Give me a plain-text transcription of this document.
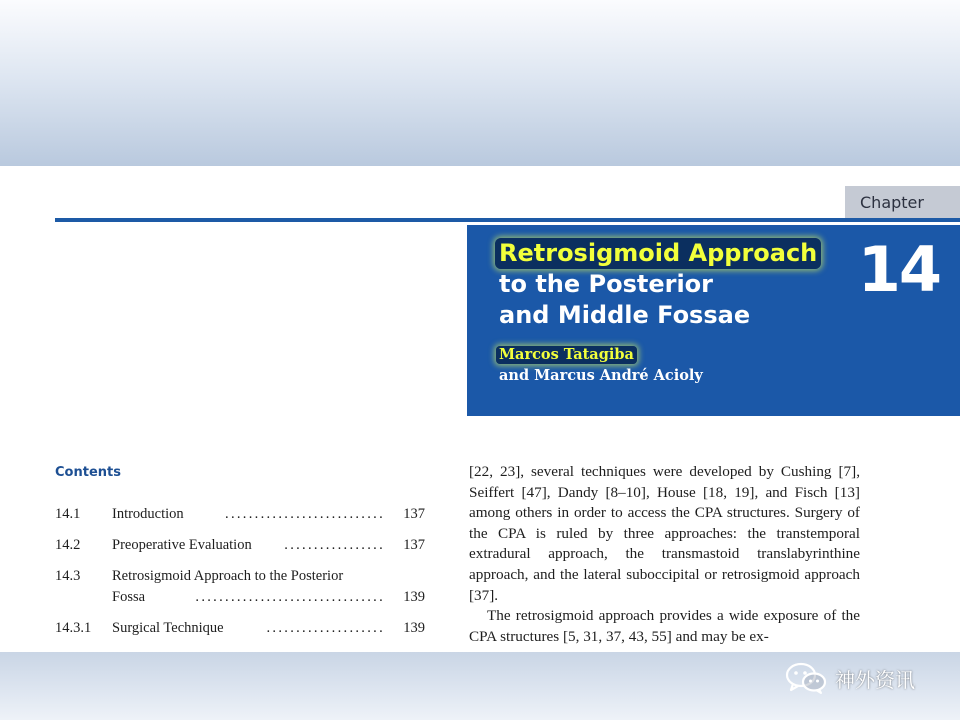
Chapter
Retrosigmoid Approach
to the Posterior
and Middle Fossae
14
Marcos Tatagiba
and Marcus André Acioly
Contents
14.1 Introduction	........................... 137
14.2 Preoperative Evaluation ................. 137
14.3 Retrosigmoid Approach to the Posterior
Fossa	................................ 139
14.3.1 Surgical Technique	.................... 139

[22, 23], several techniques were developed by Cushing [7], Seiffert [47], Dandy [8–10], House [18, 19], and Fisch [13] among others in order to access the CPA structures. Surgery of the CPA is ruled by three approaches: the transtemporal extradural approach, the transmastoid translabyrinthine approach, and the lateral suboccipital or retrosigmoid approach [37].

The retrosigmoid approach provides a wide exposure of the CPA structures [5, 31, 37, 43, 55] and may be ex-

神外资讯
